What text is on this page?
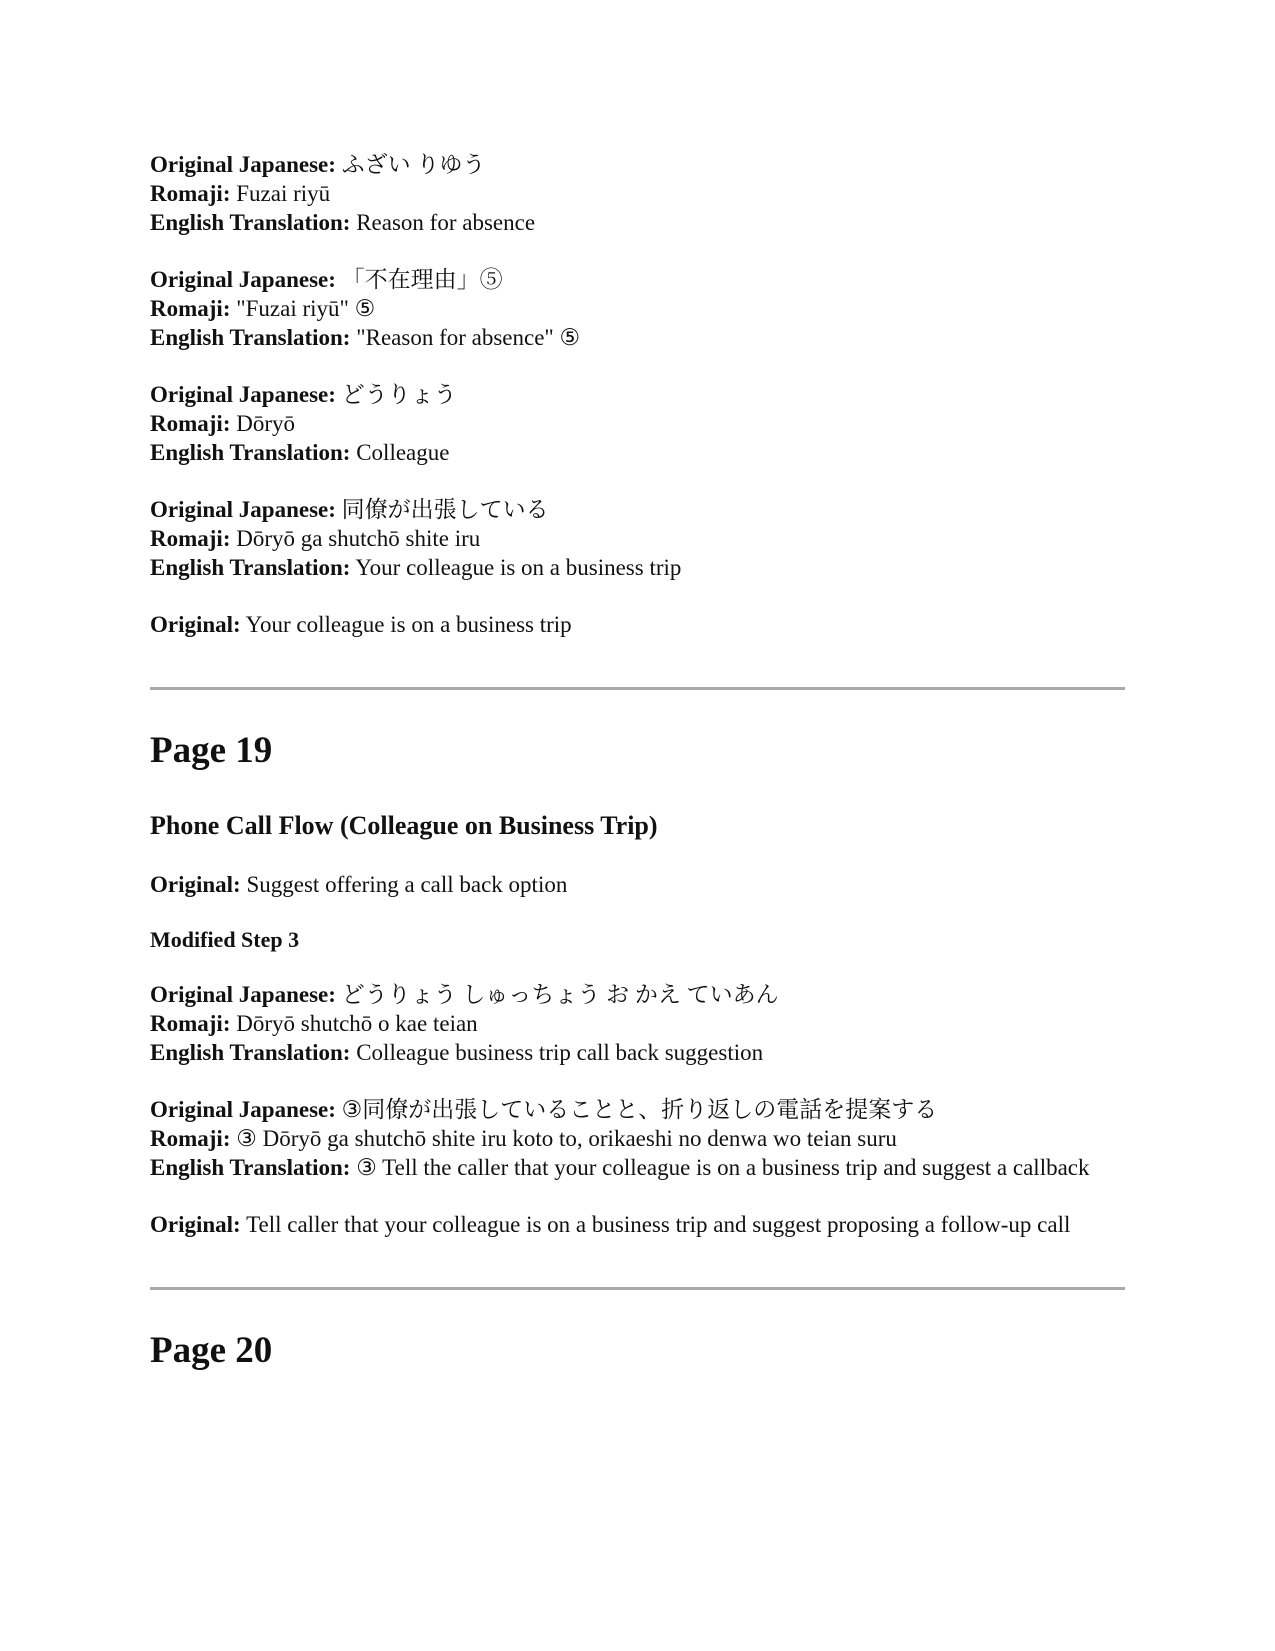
Original Japanese: ふざい りゆう

Romaji: Fuzai riyū

English Translation: Reason for absence

Original Japanese: 「不在理由」⑤

Romaji: "Fuzai riyū" ⑤

English Translation: "Reason for absence" ⑤

Original Japanese: どうりょう

Romaji: Dōryō

English Translation: Colleague

Original Japanese: 同僚が出張している

Romaji: Dōryō ga shutchō shite iru

English Translation: Your colleague is on a business trip

Original: Your colleague is on a business trip

Page 19
Phone Call Flow (Colleague on Business Trip)

Original: Suggest offering a call back option

Modified Step 3

Original Japanese: どうりょう しゅっちょう お かえ ていあん

Romaji: Dōryō shutchō o kae teian

English Translation: Colleague business trip call back suggestion

Original Japanese: ③同僚が出張していることと、折り返しの電話を提案する

Romaji: ③ Dōryō ga shutchō shite iru koto to, orikaeshi no denwa wo teian suru

English Translation: ③ Tell the caller that your colleague is on a business trip and suggest a callback

Original: Tell caller that your colleague is on a business trip and suggest proposing a follow-up call

Page 20
